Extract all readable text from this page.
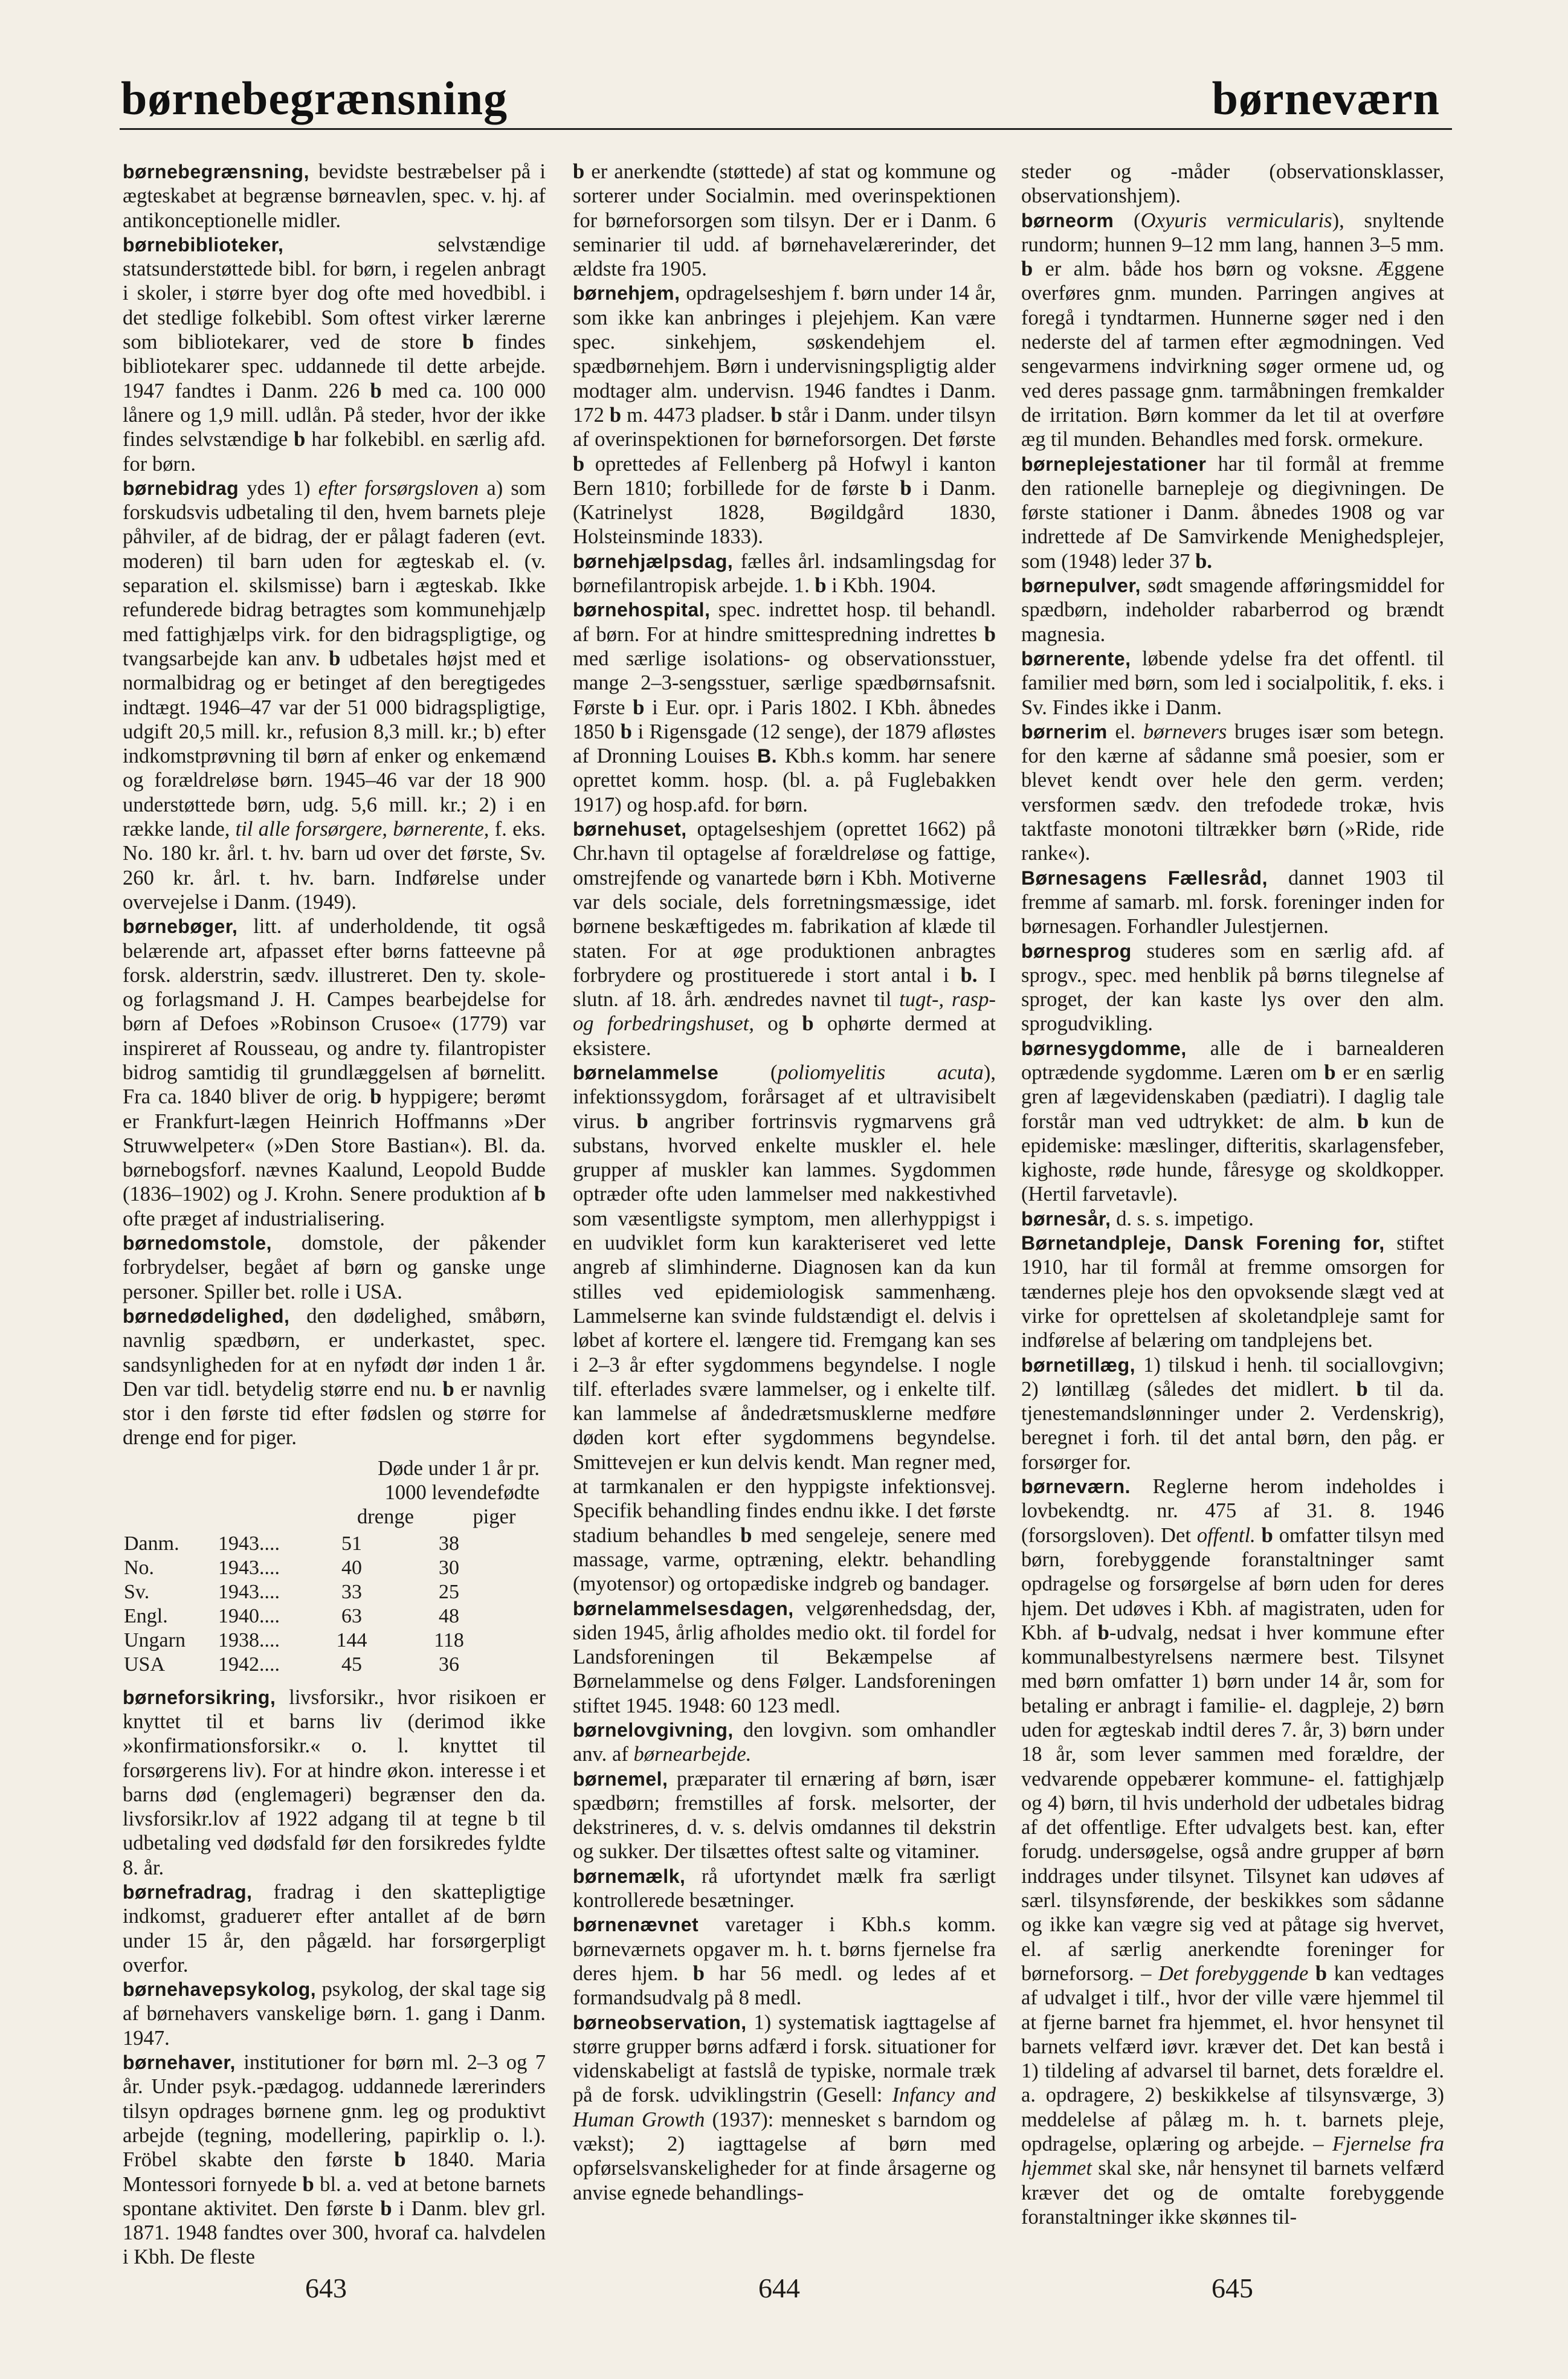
børnebegrænsning	børneværn

børnebegrænsning, bevidste bestræbelser på i ægteskabet at begrænse børneavlen, spec. v. hj. af antikonceptionelle midler.

børnebiblioteker, selvstændige statsunderstøttede bibl. for børn, i regelen anbragt i skoler, i større byer dog ofte med hovedbibl. i det stedlige folkebibl. Som oftest virker lærerne som bibliotekarer, ved de store b findes bibliotekarer spec. uddannede til dette arbejde. 1947 fandtes i Danm. 226 b med ca. 100 000 lånere og 1,9 mill. udlån. På steder, hvor der ikke findes selvstændige b har folkebibl. en særlig afd. for børn.

børnebidrag ydes 1) efter forsørgsloven a) som forskudsvis udbetaling til den, hvem barnets pleje påhviler, af de bidrag, der er pålagt faderen (evt. moderen) til barn uden for ægteskab el. (v. separation el. skilsmisse) barn i ægteskab. Ikke refunderede bidrag betragtes som kommunehjælp med fattighjælps virk. for den bidragspligtige, og tvangsarbejde kan anv. b udbetales højst med et normalbidrag og er betinget af den beregtigedes indtægt. 1946–47 var der 51 000 bidragspligtige, udgift 20,5 mill. kr., refusion 8,3 mill. kr.; b) efter indkomstprøvning til børn af enker og enkemænd og forældreløse børn. 1945–46 var der 18 900 understøttede børn, udg. 5,6 mill. kr.; 2) i en række lande, til alle forsørgere, børnerente, f. eks. No. 180 kr. årl. t. hv. barn ud over det første, Sv. 260 kr. årl. t. hv. barn. Indførelse under overvejelse i Danm. (1949).

børnebøger, litt. af underholdende, tit også belærende art, afpasset efter børns fatteevne på forsk. alderstrin, sædv. illustreret. Den ty. skole- og forlagsmand J. H. Campes bearbejdelse for børn af Defoes »Robinson Crusoe« (1779) var inspireret af Rousseau, og andre ty. filantropister bidrog samtidig til grundlæggelsen af børnelitt. Fra ca. 1840 bliver de orig. b hyppigere; berømt er Frankfurt-lægen Heinrich Hoffmanns »Der Struwwelpeter« (»Den Store Bastian«). Bl. da. børnebogsforf. nævnes Kaalund, Leopold Budde (1836–1902) og J. Krohn. Senere produktion af b ofte præget af industrialisering.

børnedomstole, domstole, der påkender forbrydelser, begået af børn og ganske unge personer. Spiller bet. rolle i USA.

børnedødelighed, den dødelighed, småbørn, navnlig spædbørn, er underkastet, spec. sandsynligheden for at en nyfødt dør inden 1 år. Den var tidl. betydelig større end nu. b er navnlig stor i den første tid efter fødslen og større for drenge end for piger.

Døde under 1 år pr.
1000 levendefødte
drenge	piger
Danm.	1943....	51	38
No.	1943....	40	30
Sv.	1943....	33	25
Engl.	1940....	63	48
Ungarn	1938....	144	118
USA	1942....	45	36

børneforsikring, livsforsikr., hvor risikoen er knyttet til et barns liv (derimod ikke »konfirmationsforsikr.« o. l. knyttet til forsørgerens liv). For at hindre økon. interesse i et barns død (englemageri) begrænser den da. livsforsikr.lov af 1922 adgang til at tegne b til udbetaling ved dødsfald før den forsikredes fyldte 8. år.

børnefradrag, fradrag i den skattepligtige indkomst, graduerет efter antallet af de børn under 15 år, den pågæld. har forsørgerpligt overfor.

børnehavepsykolog, psykolog, der skal tage sig af børnehavers vanskelige børn. 1. gang i Danm. 1947.

børnehaver, institutioner for børn ml. 2–3 og 7 år. Under psyk.-pædagog. uddannede lærerinders tilsyn opdrages børnene gnm. leg og produktivt arbejde (tegning, modellering, papirklip o. l.). Fröbel skabte den første b 1840. Maria Montessori fornyede b bl. a. ved at betone barnets spontane aktivitet. Den første b i Danm. blev grl. 1871. 1948 fandtes over 300, hvoraf ca. halvdelen i Kbh. De fleste

b er anerkendte (støttede) af stat og kommune og sorterer under Socialmin. med overinspektionen for børneforsorgen som tilsyn. Der er i Danm. 6 seminarier til udd. af børnehavelærerinder, det ældste fra 1905.

børnehjem, opdragelseshjem f. børn under 14 år, som ikke kan anbringes i plejehjem. Kan være spec. sinkehjem, søskendehjem el. spædbørnehjem. Børn i undervisningspligtig alder modtager alm. undervisn. 1946 fandtes i Danm. 172 b m. 4473 pladser. b står i Danm. under tilsyn af overinspektionen for børneforsorgen. Det første b oprettedes af Fellenberg på Hofwyl i kanton Bern 1810; forbillede for de første b i Danm. (Katrinelyst 1828, Bøgildgård 1830, Holsteinsminde 1833).

børnehjælpsdag, fælles årl. indsamlingsdag for børnefilantropisk arbejde. 1. b i Kbh. 1904.

børnehospital, spec. indrettet hosp. til behandl. af børn. For at hindre smittespredning indrettes b med særlige isolations- og observationsstuer, mange 2–3-sengsstuer, særlige spædbørnsafsnit. Første b i Eur. opr. i Paris 1802. I Kbh. åbnedes 1850 b i Rigensgade (12 senge), der 1879 afløstes af Dronning Louises B. Kbh.s komm. har senere oprettet komm. hosp. (bl. a. på Fuglebakken 1917) og hosp.afd. for børn.

børnehuset, optagelseshjem (oprettet 1662) på Chr.havn til optagelse af forældreløse og fattige, omstrejfende og vanartede børn i Kbh. Motiverne var dels sociale, dels forretningsmæssige, idet børnene beskæftigedes m. fabrikation af klæde til staten. For at øge produktionen anbragtes forbrydere og prostituerede i stort antal i b. I slutn. af 18. årh. ændredes navnet til tugt-, rasp- og forbedringshuset, og b ophørte dermed at eksistere.

børnelammelse (poliomyelitis acuta), infektionssygdom, forårsaget af et ultravisibelt virus. b angriber fortrinsvis rygmarvens grå substans, hvorved enkelte muskler el. hele grupper af muskler kan lammes. Sygdommen optræder ofte uden lammelser med nakkestivhed som væsentligste symptom, men allerhyppigst i en uudviklet form kun karakteriseret ved lette angreb af slimhinderne. Diagnosen kan da kun stilles ved epidemiologisk sammenhæng. Lammelserne kan svinde fuldstændigt el. delvis i løbet af kortere el. længere tid. Fremgang kan ses i 2–3 år efter sygdommens begyndelse. I nogle tilf. efterlades svære lammelser, og i enkelte tilf. kan lammelse af åndedrætsmusklerne medføre døden kort efter sygdommens begyndelse. Smittevejen er kun delvis kendt. Man regner med, at tarmkanalen er den hyppigste infektionsvej. Specifik behandling findes endnu ikke. I det første stadium behandles b med sengeleje, senere med massage, varme, optræning, elektr. behandling (myotensor) og ortopædiske indgreb og bandager.

børnelammelsesdagen, velgørenhedsdag, der, siden 1945, årlig afholdes medio okt. til fordel for Landsforeningen til Bekæmpelse af Børnelammelse og dens Følger. Landsforeningen stiftet 1945. 1948: 60 123 medl.

børnelovgivning, den lovgivn. som omhandler anv. af børnearbejde.

børnemel, præparater til ernæring af børn, især spædbørn; fremstilles af forsk. melsorter, der dekstrineres, d. v. s. delvis omdannes til dekstrin og sukker. Der tilsættes oftest salte og vitaminer.

børnemælk, rå ufortyndet mælk fra særligt kontrollerede besætninger.

børnenævnet varetager i Kbh.s komm. børneværnets opgaver m. h. t. børns fjernelse fra deres hjem. b har 56 medl. og ledes af et formandsudvalg på 8 medl.

børneobservation, 1) systematisk iagttagelse af større grupper børns adfærd i forsk. situationer for videnskabeligt at fastslå de typiske, normale træk på de forsk. udviklingstrin (Gesell: Infancy and Human Growth (1937): mennesket s barndom og vækst); 2) iagttagelse af børn med opførselsvanskeligheder for at finde årsagerne og anvise egnede behandlings-

steder og -måder (observationsklasser, observationshjem).

børneorm (Oxyuris vermicularis), snyltende rundorm; hunnen 9–12 mm lang, hannen 3–5 mm. b er alm. både hos børn og voksne. Æggene overføres gnm. munden. Parringen angives at foregå i tyndtarmen. Hunnerne søger ned i den nederste del af tarmen efter ægmodningen. Ved sengevarmens indvirkning søger ormene ud, og ved deres passage gnm. tarmåbningen fremkalder de irritation. Børn kommer da let til at overføre æg til munden. Behandles med forsk. ormekure.

børneplejestationer har til formål at fremme den rationelle barnepleje og diegivningen. De første stationer i Danm. åbnedes 1908 og var indrettede af De Samvirkende Menighedsplejer, som (1948) leder 37 b.

børnepulver, sødt smagende afføringsmiddel for spædbørn, indeholder rabarberrod og brændt magnesia.

børnerente, løbende ydelse fra det offentl. til familier med børn, som led i socialpolitik, f. eks. i Sv. Findes ikke i Danm.

børnerim el. børnevers bruges især som betegn. for den kærne af sådanne små poesier, som er blevet kendt over hele den germ. verden; versformen sædv. den trefodede trokæ, hvis taktfaste monotoni tiltrækker børn (»Ride, ride ranke«).

Børnesagens Fællesråd, dannet 1903 til fremme af samarb. ml. forsk. foreninger inden for børnesagen. Forhandler Julestjernen.

børnesprog studeres som en særlig afd. af sprogv., spec. med henblik på børns tilegnelse af sproget, der kan kaste lys over den alm. sprogudvikling.

børnesygdomme, alle de i barnealderen optrædende sygdomme. Læren om b er en særlig gren af lægevidenskaben (pædiatri). I daglig tale forstår man ved udtrykket: de alm. b kun de epidemiske: mæslinger, difteritis, skarlagensfeber, kighoste, røde hunde, fåresyge og skoldkopper. (Hertil farvetavle).

børnesår, d. s. s. impetigo.

Børnetandpleje, Dansk Forening for, stiftet 1910, har til formål at fremme omsorgen for tændernes pleje hos den opvoksende slægt ved at virke for oprettelsen af skoletandpleje samt for indførelse af belæring om tandplejens bet.

børnetillæg, 1) tilskud i henh. til sociallovgivn; 2) løntillæg (således det midlert. b til da. tjenestemandslønninger under 2. Verdenskrig), beregnet i forh. til det antal børn, den påg. er forsørger for.

børneværn. Reglerne herom indeholdes i lovbekendtg. nr. 475 af 31. 8. 1946 (forsorgsloven). Det offentl. b omfatter tilsyn med børn, forebyggende foranstaltninger samt opdragelse og forsørgelse af børn uden for deres hjem. Det udøves i Kbh. af magistraten, uden for Kbh. af b-udvalg, nedsat i hver kommune efter kommunalbestyrelsens nærmere best. Tilsynet med børn omfatter 1) børn under 14 år, som for betaling er anbragt i familie- el. dagpleje, 2) børn uden for ægteskab indtil deres 7. år, 3) børn under 18 år, som lever sammen med forældre, der vedvarende oppebærer kommune- el. fattighjælp og 4) børn, til hvis underhold der udbetales bidrag af det offentlige. Efter udvalgets best. kan, efter forudg. undersøgelse, også andre grupper af børn inddrages under tilsynet. Tilsynet kan udøves af særl. tilsynsførende, der beskikkes som sådanne og ikke kan vægre sig ved at påtage sig hvervet, el. af særlig anerkendte foreninger for børneforsorg. – Det forebyggende b kan vedtages af udvalget i tilf., hvor der ville være hjemmel til at fjerne barnet fra hjemmet, el. hvor hensynet til barnets velfærd iøvr. kræver det. Det kan bestå i 1) tildeling af advarsel til barnet, dets forældre el. a. opdragere, 2) beskikkelse af tilsynsværge, 3) meddelelse af pålæg m. h. t. barnets pleje, opdragelse, oplæring og arbejde. – Fjernelse fra hjemmet skal ske, når hensynet til barnets velfærd kræver det og de omtalte forebyggende foranstaltninger ikke skønnes til-

643	644	645
